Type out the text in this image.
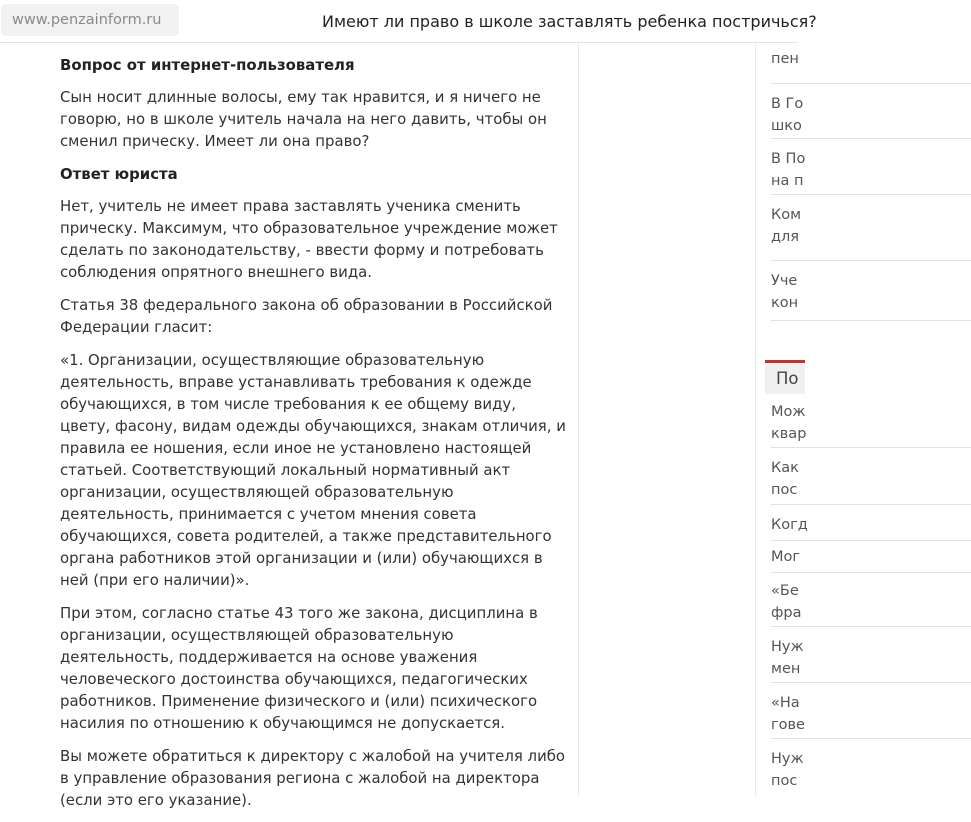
www.penzainform.ru	Имеют ли право в школе заставлять ребенка постричься?
Вопрос от интернет-пользователя

Сын носит длинные волосы, ему так нравится, и я ничего не говорю, но в школе учитель начала на него давить, чтобы он сменил прическу. Имеет ли она право?

Ответ юриста

Нет, учитель не имеет права заставлять ученика сменить прическу. Максимум, что образовательное учреждение может сделать по законодательству, - ввести форму и потребовать соблюдения опрятного внешнего вида.

Статья 38 федерального закона об образовании в Российской Федерации гласит:

«1. Организации, осуществляющие образовательную деятельность, вправе устанавливать требования к одежде обучающихся, в том числе требования к ее общему виду, цвету, фасону, видам одежды обучающихся, знакам отличия, и правила ее ношения, если иное не установлено настоящей статьей. Соответствующий локальный нормативный акт организации, осуществляющей образовательную деятельность, принимается с учетом мнения совета обучающихся, совета родителей, а также представительного органа работников этой организации и (или) обучающихся в ней (при его наличии)».

При этом, согласно статье 43 того же закона, дисциплина в организации, осуществляющей образовательную деятельность, поддерживается на основе уважения человеческого достоинства обучающихся, педагогических работников. Применение физического и (или) психического насилия по отношению к обучающимся не допускается.

Вы можете обратиться к директору с жалобой на учителя либо в управление образования региона с жалобой на директора (если это его указание).

По
пен
В Го
шко
В По
на п
Ком
для
Уче
кон
Мож
квар
Как
пос
Когд
Мог
«Бе
фра
Нуж
мен
«На
гове
Нуж
пос
